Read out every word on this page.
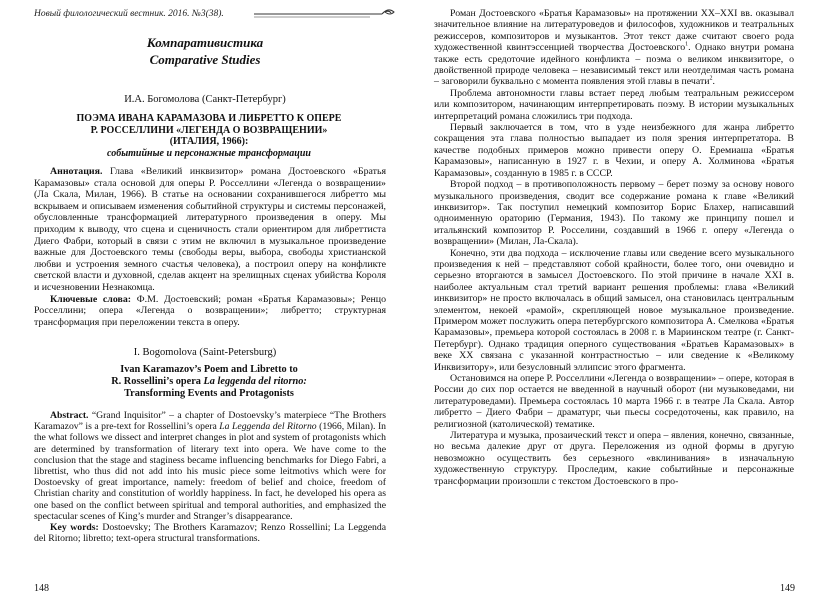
Новый филологический вестник. 2016. №3(38).
Компаративистика
Comparative Studies
И.А. Богомолова (Санкт-Петербург)
ПОЭМА ИВАНА КАРАМАЗОВА И ЛИБРЕТТО К ОПЕРЕ
Р. РОССЕЛЛИНИ «ЛЕГЕНДА О ВОЗВРАЩЕНИИ»
(ИТАЛИЯ, 1966):
событийные и персонажные трансформации

Аннотация. Глава «Великий инквизитор» романа Достоевского «Братья Карамазовы» стала основой для оперы Р. Росселлини «Легенда о возвращении» (Ла Скала, Милан, 1966). В статье на основании сохранившегося либретто мы вскрываем и описываем изменения событийной структуры и системы персонажей, обусловленные трансформацией литературного произведения в оперу. Мы приходим к выводу, что сцена и сценичность стали ориентиром для либреттиста Диего Фабри, который в связи с этим не включил в музыкальное произведение важные для Достоевского темы (свободы веры, выбора, свободы христианской любви и устроения земного счастья человека), а построил оперу на конфликте светской власти и духовной, сделав акцент на зрелищных сценах убийства Короля и исчезновении Незнакомца.

Ключевые слова: Ф.М. Достоевский; роман «Братья Карамазовы»; Ренцо Росселлини; опера «Легенда о возвращении»; либретто; структурная трансформация при переложении текста в оперу.

I. Bogomolova (Saint-Petersburg)
Ivan Karamazov’s Poem and Libretto to
R. Rossellini’s opera La leggenda del ritorno:
Transforming Events and Protagonists

Abstract. “Grand Inquisitor” – a chapter of Dostoevsky’s materpiece “The Brothers Karamazov” is a pre-text for Rossellini’s opera La Leggenda del Ritorno (1966, Milan). In the what follows we dissect and interpret changes in plot and system of protagonists which are determined by transformation of literary text into opera. We have come to the conclusion that the stage and staginess became influencing benchmarks for Diego Fabri, a librettist, who thus did not add into his music piece some leitmotivs which were for Dostoevsky of great importance, namely: freedom of belief and choice, freedom of Christian charity and constitution of worldly happiness. In fact, he developed his opera as one based on the conflict between spiritual and temporal authorities, and emphasized the spectacular scenes of King’s murder and Stranger’s disappearance.

Key words: Dostoevsky; The Brothers Karamazov; Renzo Rossellini; La Leggenda del Ritorno; libretto; text-opera structural transformations.

148

Роман Достоевского «Братья Карамазовы» на протяжении XX–XXI вв. оказывал значительное влияние на литературоведов и философов, художников и театральных режиссеров, композиторов и музыкантов. Этот текст даже считают своего рода художественной квинтэссенцией творчества Достоевского$^1$. Однако внутри романа также есть средоточие идейного конфликта – поэма о великом инквизиторе, о двойственной природе человека – независимый текст или неотделимая часть романа – заговорили буквально с момента появления этой главы в печати$^2$.

Проблема автономности главы встает перед любым театральным режиссером или композитором, начинающим интерпретировать поэму. В истории музыкальных интерпретаций романа сложились три подхода.

Первый заключается в том, что в узде неизбежного для жанра либретто сокращения эта глава полностью выпадает из поля зрения интерпретатора. В качестве подобных примеров можно привести оперу О. Еремиаша «Братья Карамазовы», написанную в 1927 г. в Чехии, и оперу А. Холминова «Братья Карамазовы», созданную в 1985 г. в СССР.

Второй подход – в противоположность первому – берет поэму за основу нового музыкального произведения, сводит все содержание романа к главе «Великий инквизитор». Так поступил немецкий композитор Борис Блахер, написавший одноименную ораторию (Германия, 1943). По такому же принципу пошел и итальянский композитор Р. Росселини, создавший в 1966 г. оперу «Легенда о возвращении» (Милан, Ла-Скала).

Конечно, эти два подхода – исключение главы или сведение всего музыкального произведения к ней – представляют собой крайности, более того, они очевидно и серьезно вторгаются в замысел Достоевского. По этой причине в начале XXI в. наиболее актуальным стал третий вариант решения проблемы: глава «Великий инквизитор» не просто включалась в общий замысел, она становилась центральным элементом, некоей «рамой», скрепляющей новое музыкальное произведение. Примером может послужить опера петербургского композитора А. Смелкова «Братья Карамазовы», премьера которой состоялась в 2008 г. в Мариинском театре (г. Санкт-Петербург). Однако традиция оперного существования «Братьев Карамазовых» в веке XX связана с указанной контрастностью – или сведение к «Великому Инквизитору», или безусловный эллипсис этого фрагмента.

Остановимся на опере Р. Росселлини «Легенда о возвращении» – опере, которая в России до сих пор остается не введенной в научный оборот (ни музыковедами, ни литературоведами). Премьера состоялась 10 марта 1966 г. в театре Ла Скала. Автор либретто – Диего Фабри – драматург, чьи пьесы сосредоточены, как правило, на религиозной (католической) тематике.

Литература и музыка, прозаический текст и опера – явления, конечно, связанные, но весьма далекие друг от друга. Переложения из одной формы в другую невозможно осуществить без серьезного «вклинивания» в изначальную художественную структуру. Проследим, какие событийные и персонажные трансформации произошли с текстом Достоевского в про-

149
